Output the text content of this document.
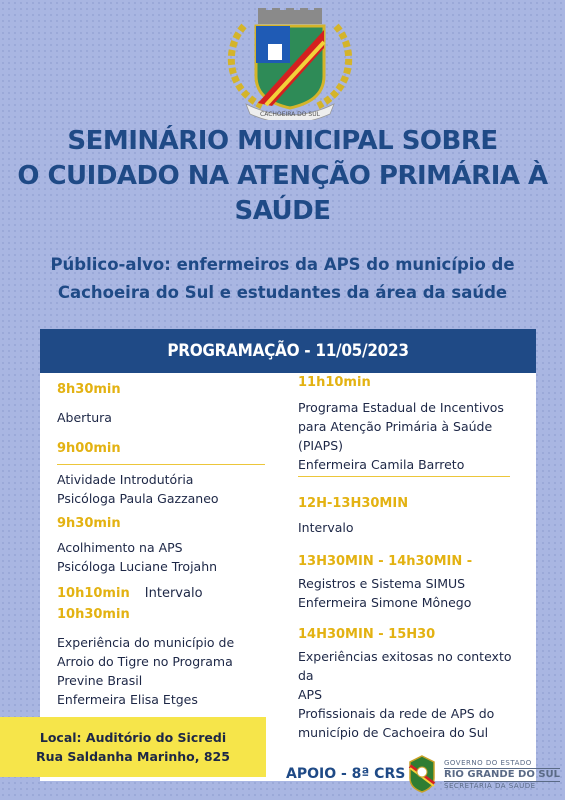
CACHOEIRA DO SUL
SEMINÁRIO MUNICIPAL SOBRE
O CUIDADO NA ATENÇÃO PRIMÁRIA À
SAÚDE
Público-alvo: enfermeiros da APS do município de
Cachoeira do Sul e estudantes da área da saúde
PROGRAMAÇÃO - 11/05/2023
8h30min
Abertura
9h00min
Atividade Introdutória
Psicóloga Paula Gazzaneo
9h30min
Acolhimento na APS
Psicóloga Luciane Trojahn
10h10min Intervalo
10h30min
Experiência do município de
Arroio do Tigre no Programa
Previne Brasil
Enfermeira Elisa Etges
11h10min
Programa Estadual de Incentivos
para Atenção Primária à Saúde
(PIAPS)
Enfermeira Camila Barreto
12H-13H30MIN
Intervalo
13H30MIN - 14h30MIN -
Registros e Sistema SIMUS
Enfermeira Simone Mônego
14H30MIN - 15H30
Experiências exitosas no contexto da
APS
Profissionais da rede de APS do
município de Cachoeira do Sul
Local: Auditório do Sicredi
Rua Saldanha Marinho, 825
APOIO - 8ª CRS
GOVERNO DO ESTADO
RIO GRANDE DO SUL
SECRETARIA DA SAÚDE
